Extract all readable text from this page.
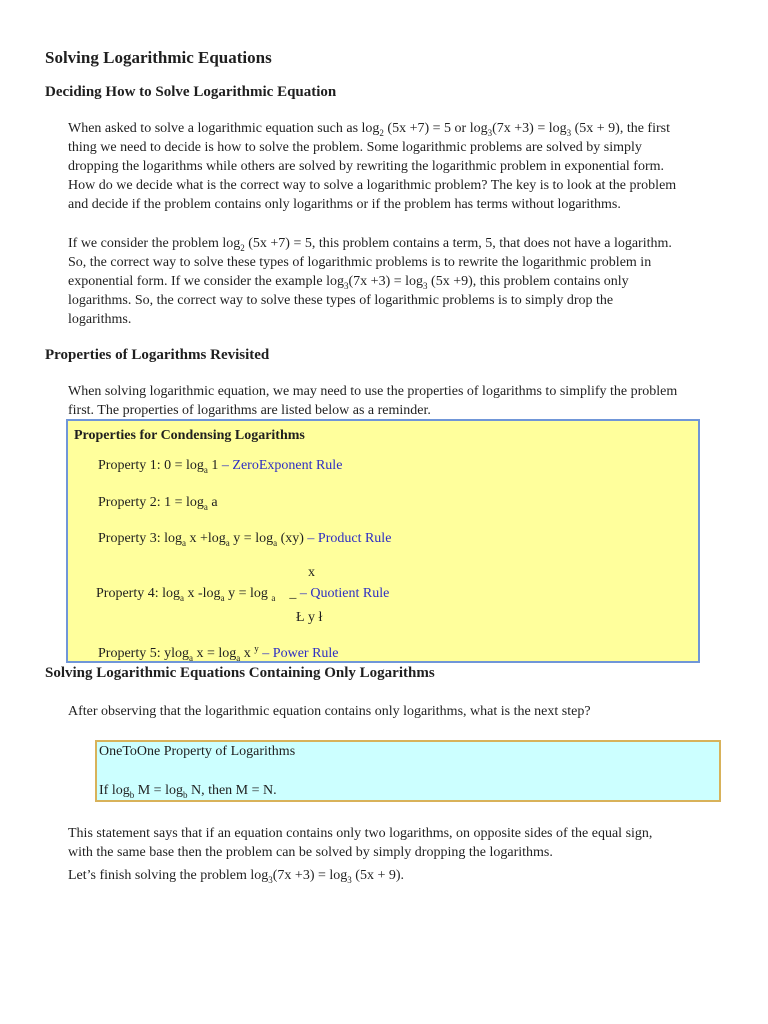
Solving Logarithmic Equations
Deciding How to Solve Logarithmic Equation
When asked to solve a logarithmic equation such as $\log_2 (5x +7) = 5$ or $\log_3(7x +3) = \log_3 (5x + 9)$, the first
thing we need to decide is how to solve the problem. Some logarithmic problems are solved by simply
dropping the logarithms while others are solved by rewriting the logarithmic problem in exponential form.
How do we decide what is the correct way to solve a logarithmic problem? The key is to look at the problem
and decide if the problem contains only logarithms or if the problem has terms without logarithms.
If we consider the problem $\log_2 (5x +7) = 5$, this problem contains a term, 5, that does not have a logarithm.
So, the correct way to solve these types of logarithmic problems is to rewrite the logarithmic problem in
exponential form. If we consider the example $\log_3(7x +3) = \log_3 (5x +9)$, this problem contains only
logarithms. So, the correct way to solve these types of logarithmic problems is to simply drop the
logarithms.
Properties of Logarithms Revisited
When solving logarithmic equation, we may need to use the properties of logarithms to simplify the problem
first. The properties of logarithms are listed below as a reminder.
Properties for Condensing Logarithms
Property 1: $0 = \log_a 1$ – ZeroExponent Rule
Property 2: $1 = \log_a a$
Property 3: $\log_a x +\log_a$ $y = \log_a (xy)$ – Product Rule
x
Property 4: $\log_a x$ $-\log_a$ y = log $_a$    _ – Quotient Rule
Ł y ł
Property 5: ylog$_a$ $x = \log_a x$ $^y$ – Power Rule
Solving Logarithmic Equations Containing Only Logarithms
After observing that the logarithmic equation contains only logarithms, what is the next step?
OneToOne Property of Logarithms
If $\log_b M = \log_b N$, then M = N.
This statement says that if an equation contains only two logarithms, on opposite sides of the equal sign,
with the same base then the problem can be solved by simply dropping the logarithms.
Let’s finish solving the problem $\log_3(7x +3) = \log_3 (5x + 9)$.
